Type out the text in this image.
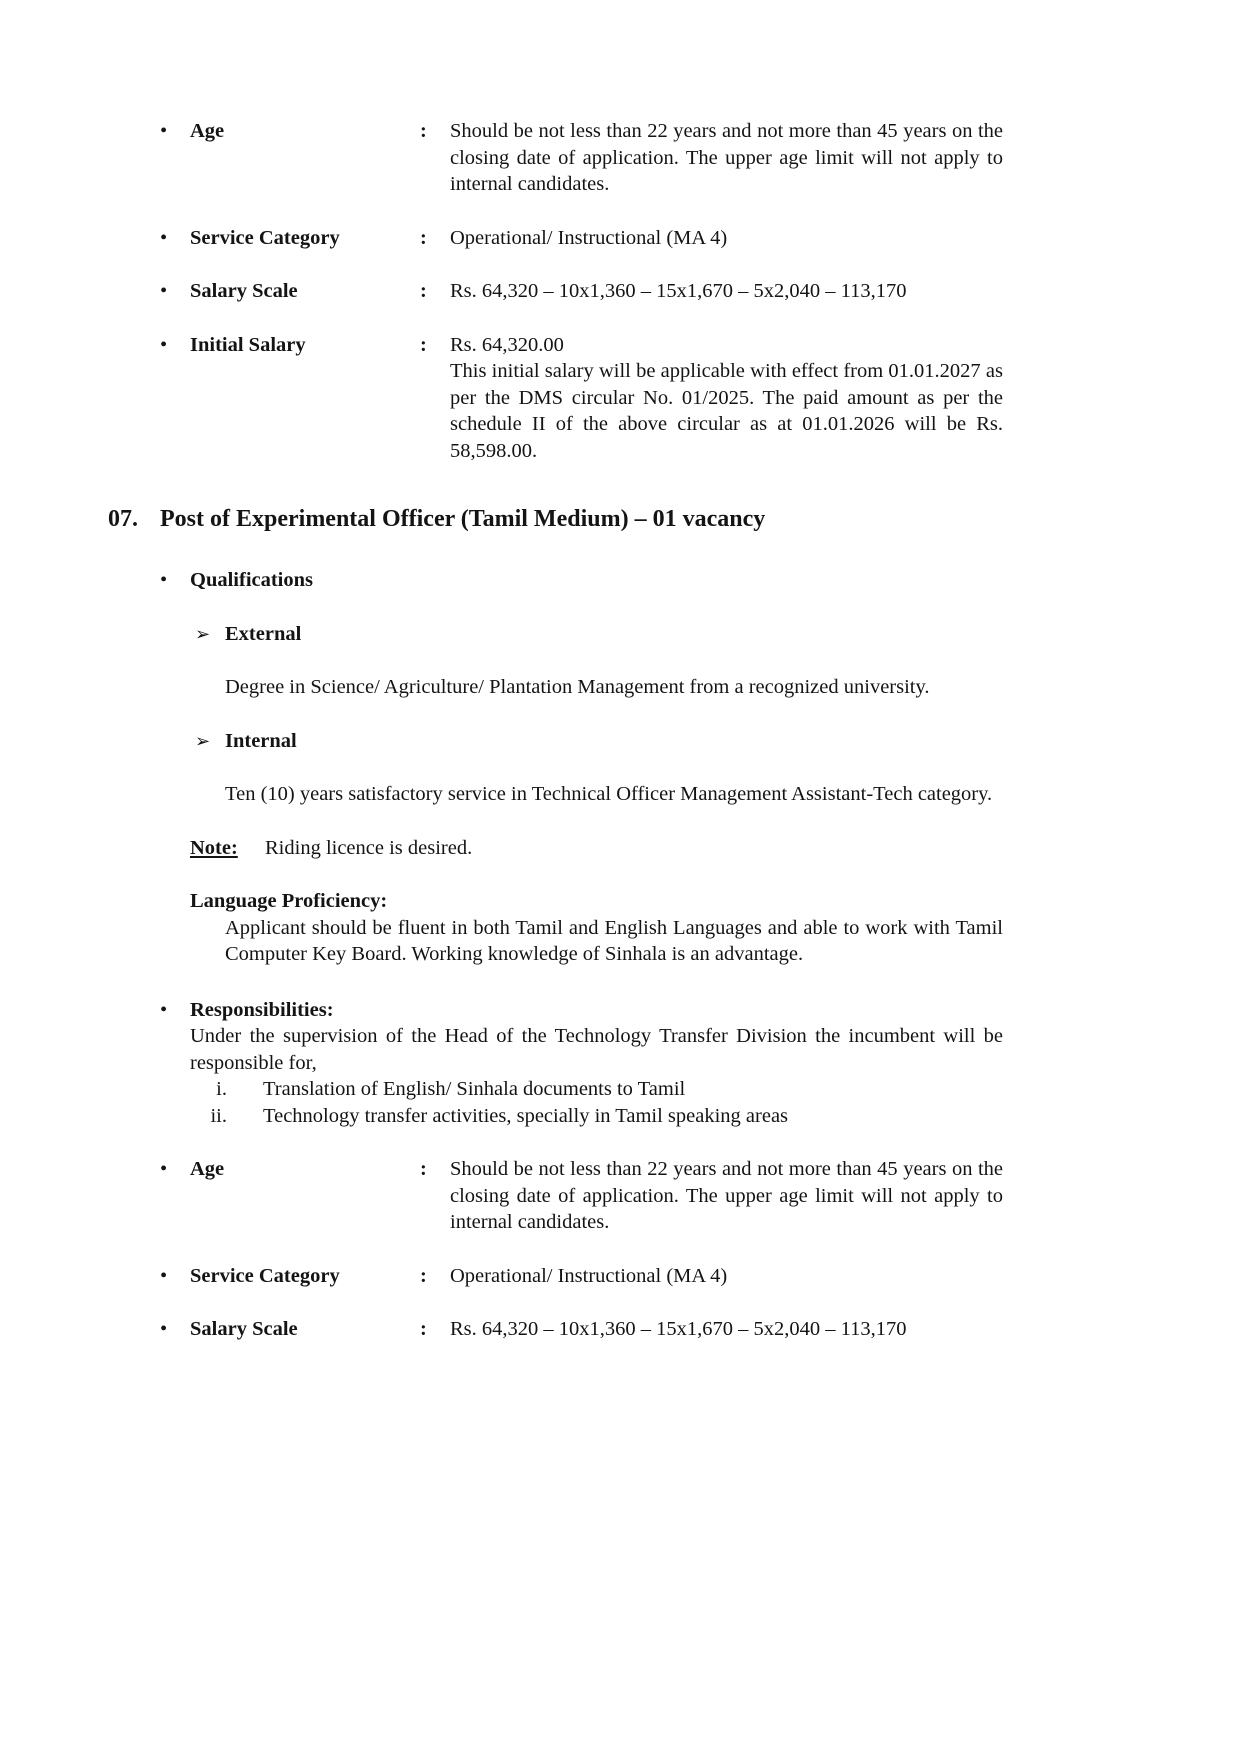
•	Age	:	Should be not less than 22 years and not more than 45 years on the closing date of application. The upper age limit will not apply to internal candidates.
•	Service Category	:	Operational/ Instructional (MA 4)
•	Salary Scale	:	Rs. 64,320 – 10x1,360 – 15x1,670 – 5x2,040 – 113,170
•	Initial Salary	:	Rs. 64,320.00
This initial salary will be applicable with effect from 01.01.2027 as per the DMS circular No. 01/2025. The paid amount as per the schedule II of the above circular as at 01.01.2026 will be Rs. 58,598.00.
07. Post of Experimental Officer (Tamil Medium) – 01 vacancy
•	Qualifications
➢ External

Degree in Science/ Agriculture/ Plantation Management from a recognized university.

➢ Internal

Ten (10) years satisfactory service in Technical Officer Management Assistant-Tech category.

Note:	Riding licence is desired.
Language Proficiency:
Applicant should be fluent in both Tamil and English Languages and able to work with Tamil Computer Key Board. Working knowledge of Sinhala is an advantage.
•	Responsibilities:
Under the supervision of the Head of the Technology Transfer Division the incumbent will be responsible for,
i. Translation of English/ Sinhala documents to Tamil
ii. Technology transfer activities, specially in Tamil speaking areas
•	Age	:	Should be not less than 22 years and not more than 45 years on the closing date of application. The upper age limit will not apply to internal candidates.
•	Service Category	:	Operational/ Instructional (MA 4)
•	Salary Scale	:	Rs. 64,320 – 10x1,360 – 15x1,670 – 5x2,040 – 113,170
